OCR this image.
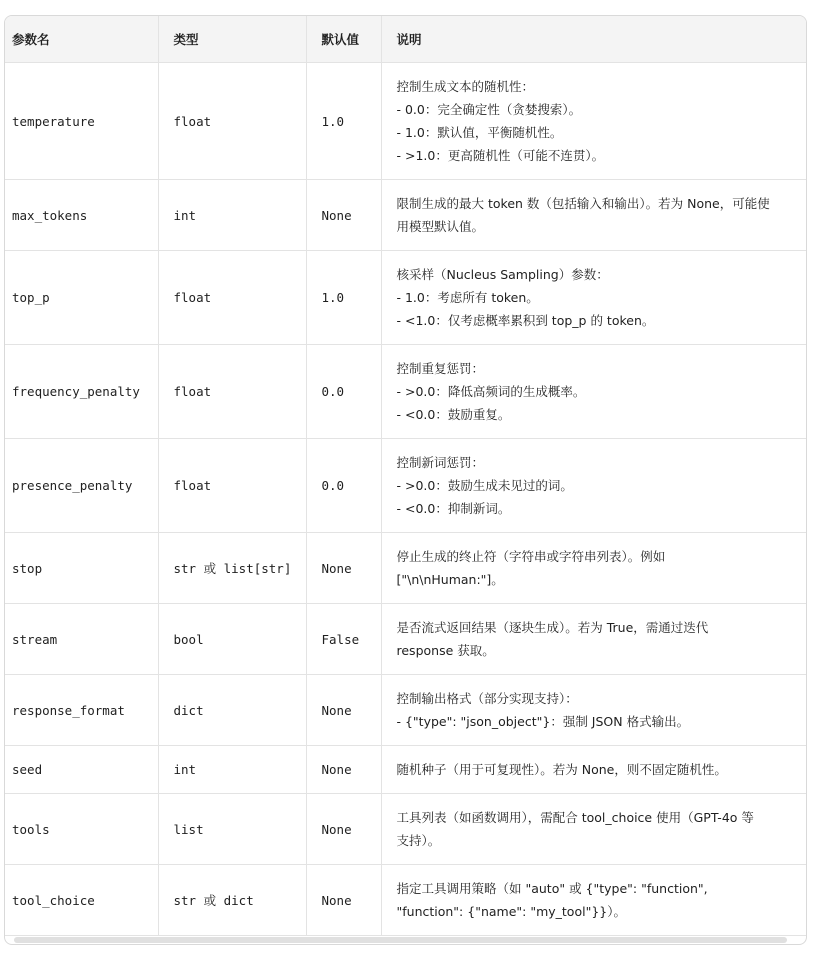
参数名	类型	默认值	说明
temperature	float	1.0	控制生成文本的随机性：
- 0.0：完全确定性（贪婪搜索）。
- 1.0：默认值，平衡随机性。
- >1.0：更高随机性（可能不连贯）。

max_tokens	int	None	限制生成的最大 token 数（包括输入和输出）。若为 None，可能使
用模型默认值。

top_p	float	1.0	核采样（Nucleus Sampling）参数：
- 1.0：考虑所有 token。
- <1.0：仅考虑概率累积到 top_p 的 token。

frequency_penalty	float	0.0	控制重复惩罚：
- >0.0：降低高频词的生成概率。
- <0.0：鼓励重复。

presence_penalty	float	0.0	控制新词惩罚：
- >0.0：鼓励生成未见过的词。
- <0.0：抑制新词。

stop	str 或 list[str]	None	停止生成的终止符（字符串或字符串列表）。例如
["\n\nHuman:"]。

stream	bool	False	是否流式返回结果（逐块生成）。若为 True，需通过迭代
response 获取。

response_format	dict	None	控制输出格式（部分实现支持）：
- {"type": "json_object"}：强制 JSON 格式输出。

seed	int	None	随机种子（用于可复现性）。若为 None，则不固定随机性。

tools	list	None	工具列表（如函数调用），需配合 tool_choice 使用（GPT-4o 等
支持）。

tool_choice	str 或 dict	None	指定工具调用策略（如 "auto" 或 {"type": "function",
"function": {"name": "my_tool"}}）。
